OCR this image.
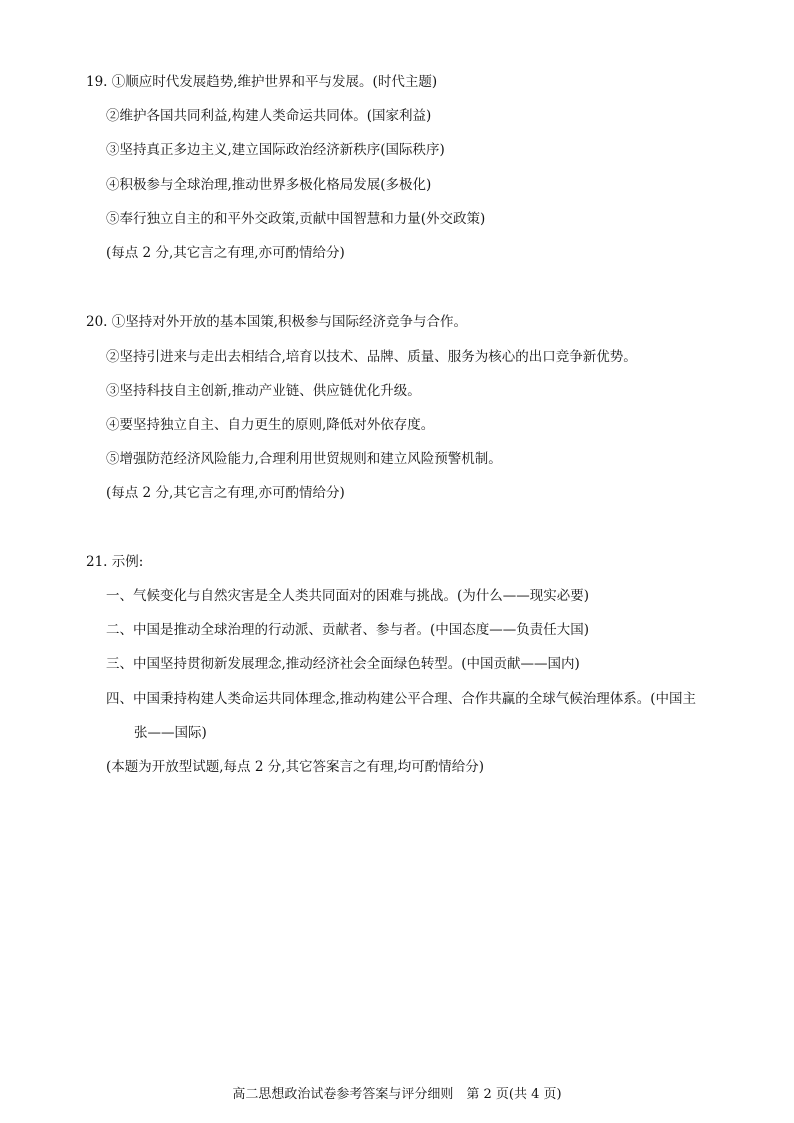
19. ①顺应时代发展趋势,维护世界和平与发展。(时代主题)
②维护各国共同利益,构建人类命运共同体。(国家利益)
③坚持真正多边主义,建立国际政治经济新秩序(国际秩序)
④积极参与全球治理,推动世界多极化格局发展(多极化)
⑤奉行独立自主的和平外交政策,贡献中国智慧和力量(外交政策)
(每点 2 分,其它言之有理,亦可酌情给分)
20. ①坚持对外开放的基本国策,积极参与国际经济竞争与合作。
②坚持引进来与走出去相结合,培育以技术、品牌、质量、服务为核心的出口竞争新优势。
③坚持科技自主创新,推动产业链、供应链优化升级。
④要坚持独立自主、自力更生的原则,降低对外依存度。
⑤增强防范经济风险能力,合理利用世贸规则和建立风险预警机制。
(每点 2 分,其它言之有理,亦可酌情给分)
21. 示例:
一、气候变化与自然灾害是全人类共同面对的困难与挑战。(为什么——现实必要)
二、中国是推动全球治理的行动派、贡献者、参与者。(中国态度——负责任大国)
三、中国坚持贯彻新发展理念,推动经济社会全面绿色转型。(中国贡献——国内)
四、中国秉持构建人类命运共同体理念,推动构建公平合理、合作共赢的全球气候治理体系。(中国主
张——国际)
(本题为开放型试题,每点 2 分,其它答案言之有理,均可酌情给分)
高二思想政治试卷参考答案与评分细则　第 2 页(共 4 页)
